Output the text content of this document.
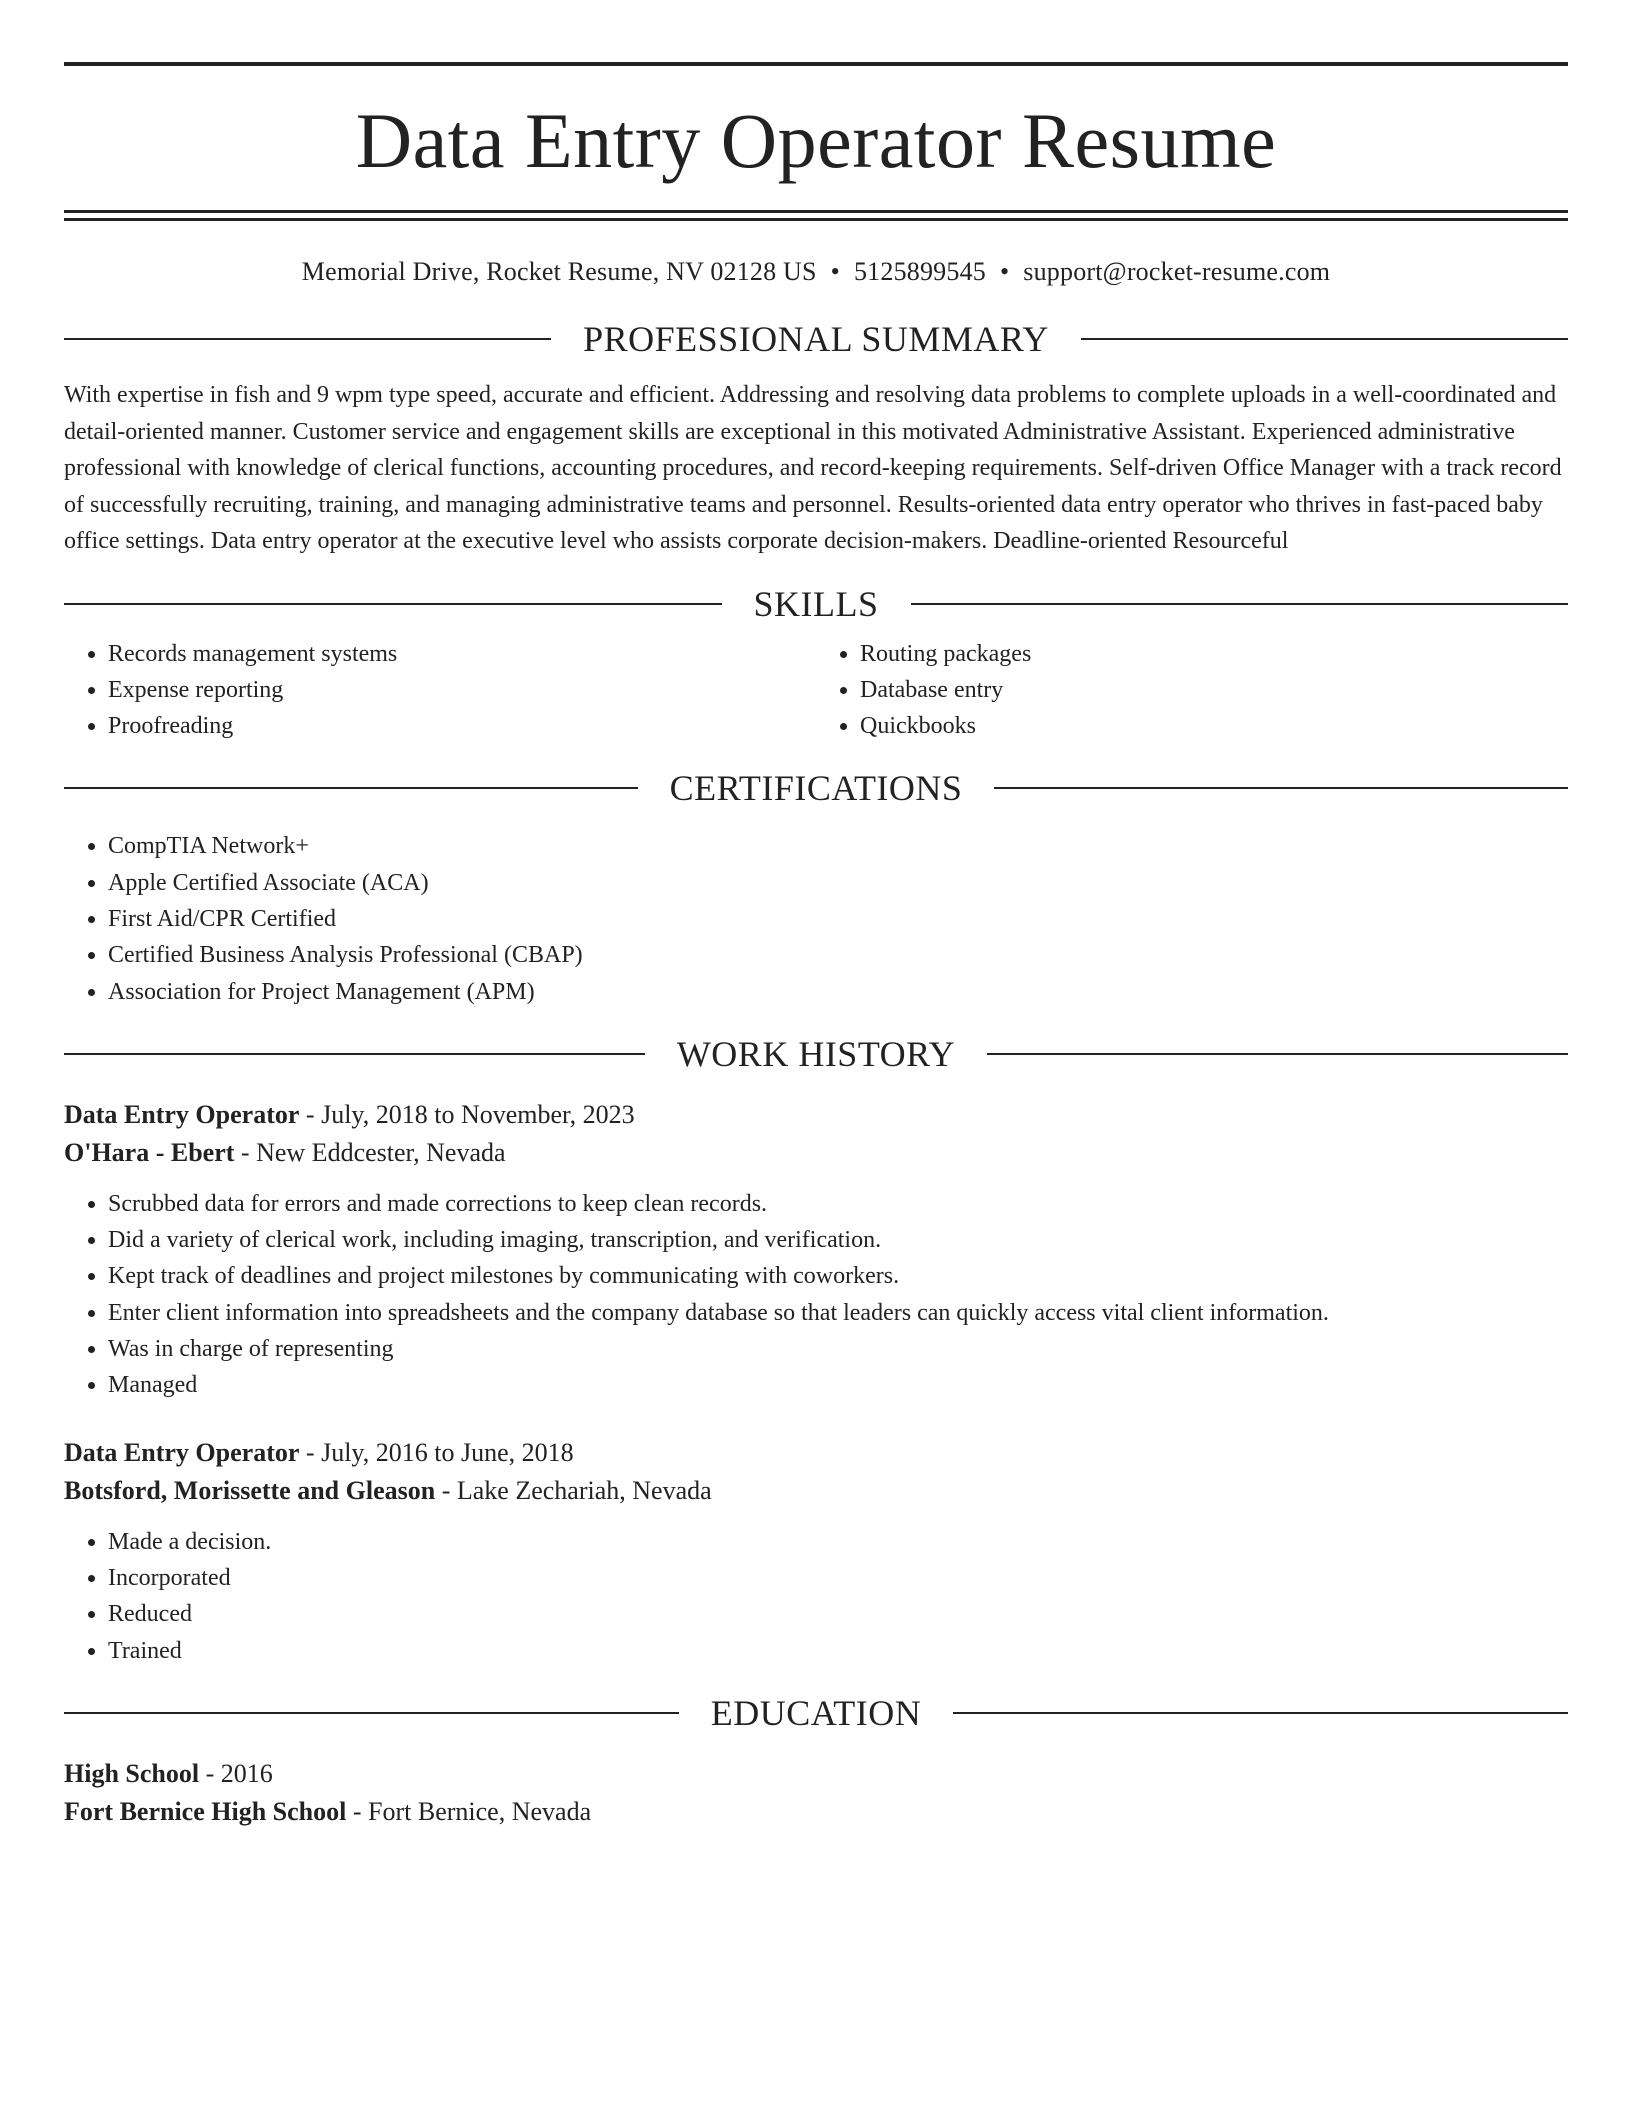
Data Entry Operator Resume
Memorial Drive, Rocket Resume, NV 02128 US • 5125899545 • support@rocket-resume.com
PROFESSIONAL SUMMARY
With expertise in fish and 9 wpm type speed, accurate and efficient. Addressing and resolving data problems to complete uploads in a well-coordinated and detail-oriented manner. Customer service and engagement skills are exceptional in this motivated Administrative Assistant. Experienced administrative professional with knowledge of clerical functions, accounting procedures, and record-keeping requirements. Self-driven Office Manager with a track record of successfully recruiting, training, and managing administrative teams and personnel. Results-oriented data entry operator who thrives in fast-paced baby office settings. Data entry operator at the executive level who assists corporate decision-makers. Deadline-oriented Resourceful
SKILLS
• Records management systems
• Expense reporting
• Proofreading
• Routing packages
• Database entry
• Quickbooks
CERTIFICATIONS
• CompTIA Network+
• Apple Certified Associate (ACA)
• First Aid/CPR Certified
• Certified Business Analysis Professional (CBAP)
• Association for Project Management (APM)
WORK HISTORY
Data Entry Operator - July, 2018 to November, 2023
O'Hara - Ebert - New Eddcester, Nevada
• Scrubbed data for errors and made corrections to keep clean records.
• Did a variety of clerical work, including imaging, transcription, and verification.
• Kept track of deadlines and project milestones by communicating with coworkers.
• Enter client information into spreadsheets and the company database so that leaders can quickly access vital client information.
• Was in charge of representing
• Managed
Data Entry Operator - July, 2016 to June, 2018
Botsford, Morissette and Gleason - Lake Zechariah, Nevada
• Made a decision.
• Incorporated
• Reduced
• Trained
EDUCATION
High School - 2016
Fort Bernice High School - Fort Bernice, Nevada
